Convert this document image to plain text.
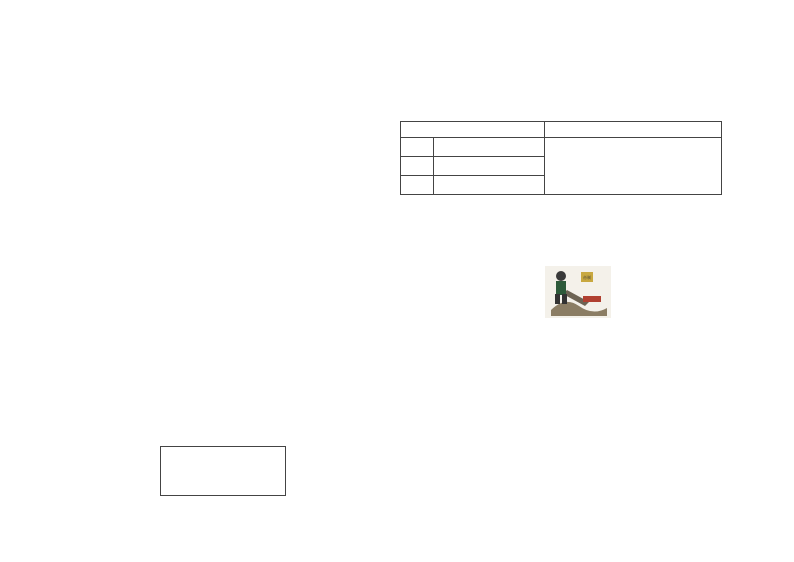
帝制
